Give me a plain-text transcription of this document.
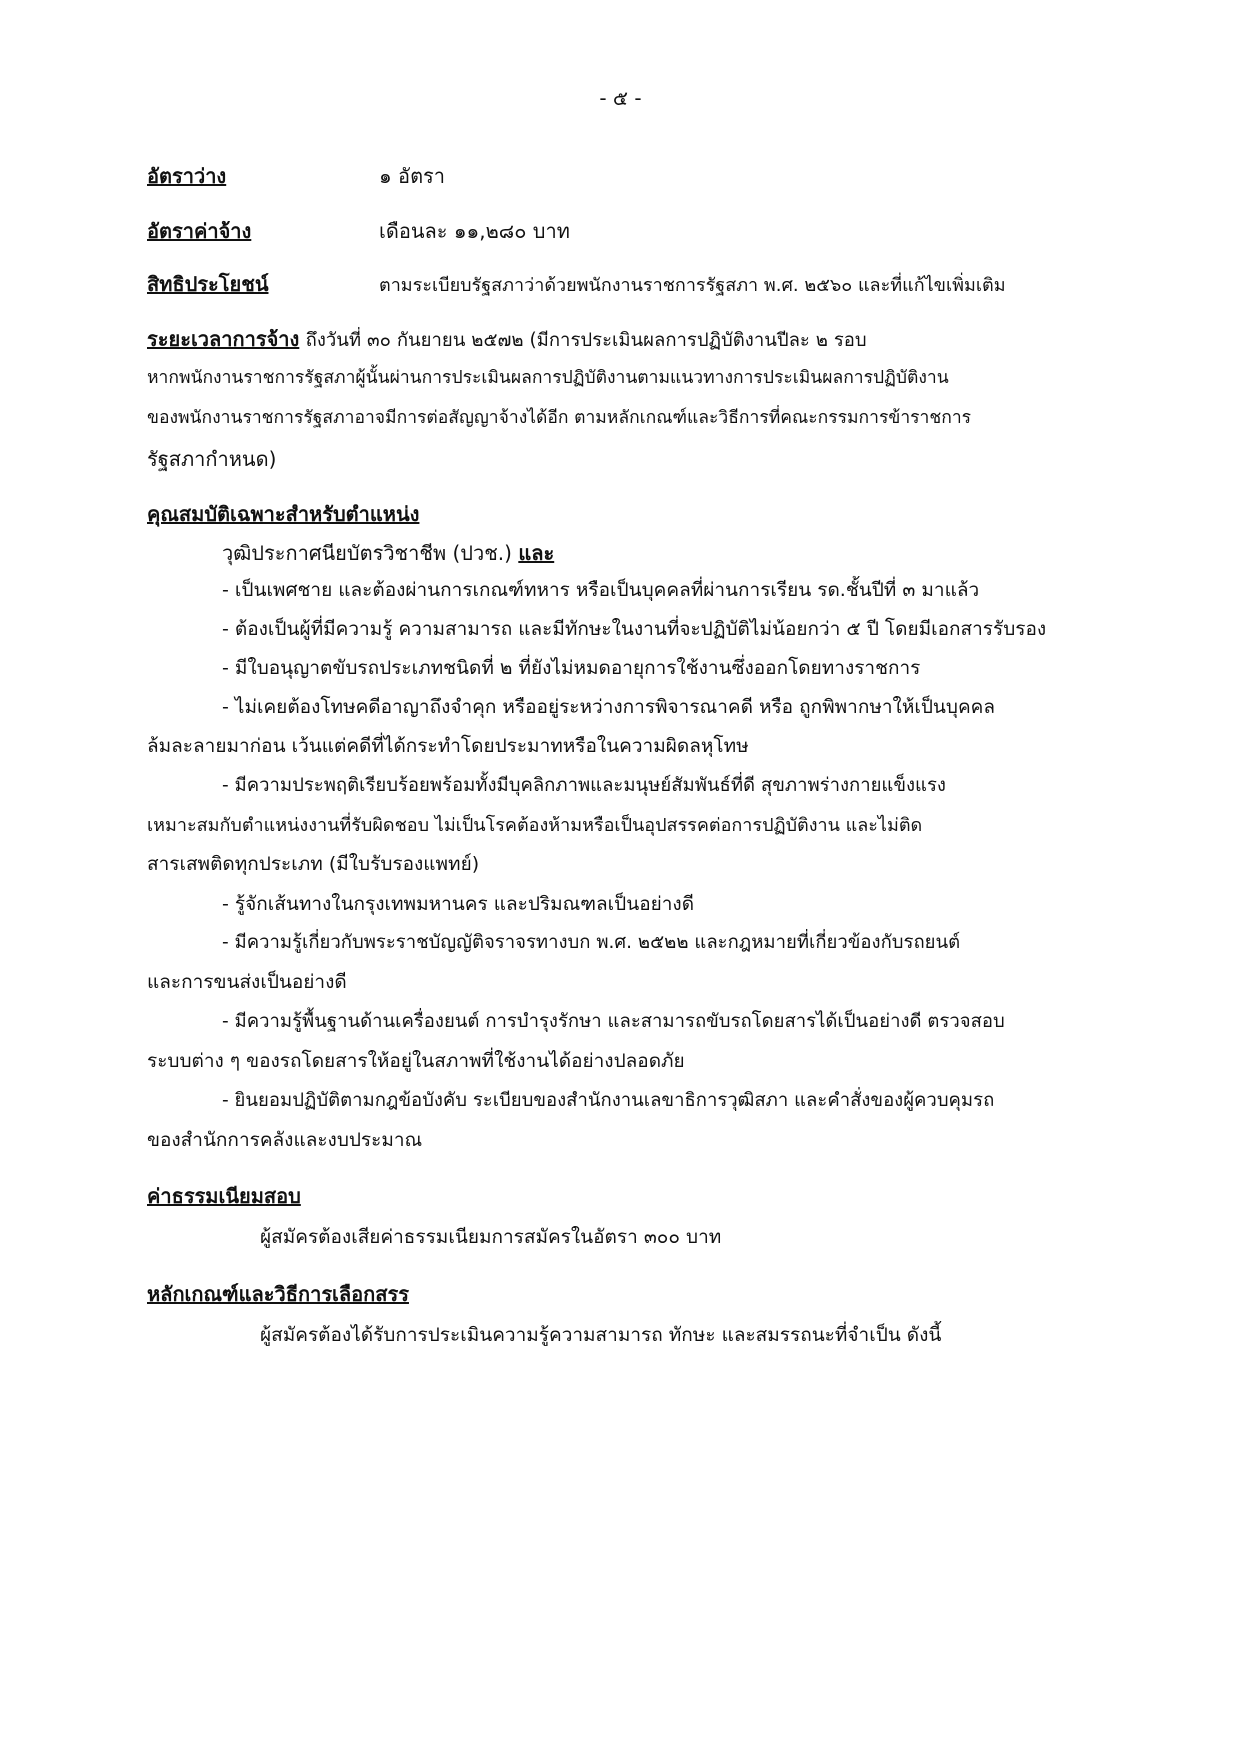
- ๕ -
อัตราว่าง	๑ อัตรา
อัตราค่าจ้าง	เดือนละ ๑๑,๒๘๐ บาท
สิทธิประโยชน์	ตามระเบียบรัฐสภาว่าด้วยพนักงานราชการรัฐสภา พ.ศ. ๒๕๖๐ และที่แก้ไขเพิ่มเติม
ระยะเวลาการจ้าง ถึงวันที่ ๓๐ กันยายน ๒๕๗๒ (มีการประเมินผลการปฏิบัติงานปีละ ๒ รอบ
หากพนักงานราชการรัฐสภาผู้นั้นผ่านการประเมินผลการปฏิบัติงานตามแนวทางการประเมินผลการปฏิบัติงาน
ของพนักงานราชการรัฐสภาอาจมีการต่อสัญญาจ้างได้อีก ตามหลักเกณฑ์และวิธีการที่คณะกรรมการข้าราชการ
รัฐสภากำหนด)
คุณสมบัติเฉพาะสำหรับตำแหน่ง
วุฒิประกาศนียบัตรวิชาชีพ (ปวช.) และ
- เป็นเพศชาย และต้องผ่านการเกณฑ์ทหาร หรือเป็นบุคคลที่ผ่านการเรียน รด.ชั้นปีที่ ๓ มาแล้ว
- ต้องเป็นผู้ที่มีความรู้ ความสามารถ และมีทักษะในงานที่จะปฏิบัติไม่น้อยกว่า ๕ ปี โดยมีเอกสารรับรอง
- มีใบอนุญาตขับรถประเภทชนิดที่ ๒ ที่ยังไม่หมดอายุการใช้งานซึ่งออกโดยทางราชการ
- ไม่เคยต้องโทษคดีอาญาถึงจำคุก หรืออยู่ระหว่างการพิจารณาคดี หรือ ถูกพิพากษาให้เป็นบุคคล
ล้มละลายมาก่อน เว้นแต่คดีที่ได้กระทำโดยประมาทหรือในความผิดลหุโทษ
- มีความประพฤติเรียบร้อยพร้อมทั้งมีบุคลิกภาพและมนุษย์สัมพันธ์ที่ดี สุขภาพร่างกายแข็งแรง
เหมาะสมกับตำแหน่งงานที่รับผิดชอบ ไม่เป็นโรคต้องห้ามหรือเป็นอุปสรรคต่อการปฏิบัติงาน และไม่ติด
สารเสพติดทุกประเภท (มีใบรับรองแพทย์)
- รู้จักเส้นทางในกรุงเทพมหานคร และปริมณฑลเป็นอย่างดี
- มีความรู้เกี่ยวกับพระราชบัญญัติจราจรทางบก พ.ศ. ๒๕๒๒ และกฎหมายที่เกี่ยวข้องกับรถยนต์
และการขนส่งเป็นอย่างดี
- มีความรู้พื้นฐานด้านเครื่องยนต์ การบำรุงรักษา และสามารถขับรถโดยสารได้เป็นอย่างดี ตรวจสอบ
ระบบต่าง ๆ ของรถโดยสารให้อยู่ในสภาพที่ใช้งานได้อย่างปลอดภัย
- ยินยอมปฏิบัติตามกฎข้อบังคับ ระเบียบของสำนักงานเลขาธิการวุฒิสภา และคำสั่งของผู้ควบคุมรถ
ของสำนักการคลังและงบประมาณ
ค่าธรรมเนียมสอบ
ผู้สมัครต้องเสียค่าธรรมเนียมการสมัครในอัตรา ๓๐๐ บาท
หลักเกณฑ์และวิธีการเลือกสรร
ผู้สมัครต้องได้รับการประเมินความรู้ความสามารถ ทักษะ และสมรรถนะที่จำเป็น ดังนี้
